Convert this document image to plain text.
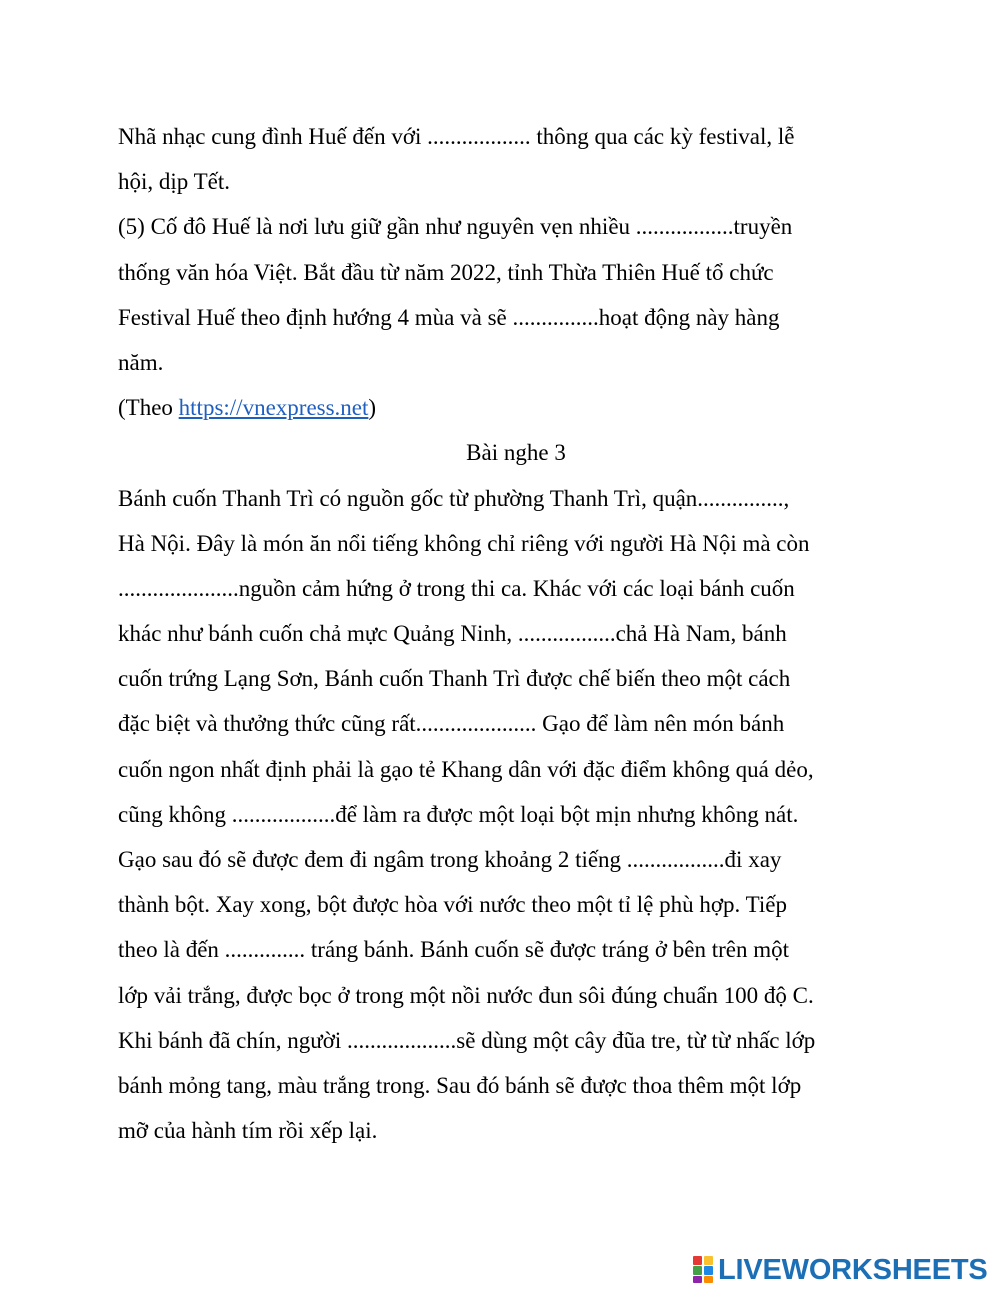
Nhã nhạc cung đình Huế đến với .................. thông qua các kỳ festival, lễ
hội, dịp Tết.
(5) Cố đô Huế là nơi lưu giữ gần như nguyên vẹn nhiều .................truyền
thống văn hóa Việt. Bắt đầu từ năm 2022, tỉnh Thừa Thiên Huế tổ chức
Festival Huế theo định hướng 4 mùa và sẽ ...............hoạt động này hàng
năm.
(Theo https://vnexpress.net)
Bài nghe 3
Bánh cuốn Thanh Trì có nguồn gốc từ phường Thanh Trì, quận...............,
Hà Nội. Đây là món ăn nổi tiếng không chỉ riêng với người Hà Nội mà còn
.....................nguồn cảm hứng ở trong thi ca. Khác với các loại bánh cuốn
khác như bánh cuốn chả mực Quảng Ninh, .................chả Hà Nam, bánh
cuốn trứng Lạng Sơn, Bánh cuốn Thanh Trì được chế biến theo một cách
đặc biệt và thưởng thức cũng rất..................... Gạo để làm nên món bánh
cuốn ngon nhất định phải là gạo tẻ Khang dân với đặc điểm không quá dẻo,
cũng không ..................để làm ra được một loại bột mịn nhưng không nát.
Gạo sau đó sẽ được đem đi ngâm trong khoảng 2 tiếng .................đi xay
thành bột. Xay xong, bột được hòa với nước theo một tỉ lệ phù hợp. Tiếp
theo là đến .............. tráng bánh. Bánh cuốn sẽ được tráng ở bên trên một
lớp vải trắng, được bọc ở trong một nồi nước đun sôi đúng chuẩn 100 độ C.
Khi bánh đã chín, người ...................sẽ dùng một cây đũa tre, từ từ nhấc lớp
bánh mỏng tang, màu trắng trong. Sau đó bánh sẽ được thoa thêm một lớp
mỡ của hành tím rồi xếp lại.
LIVEWORKSHEETS
